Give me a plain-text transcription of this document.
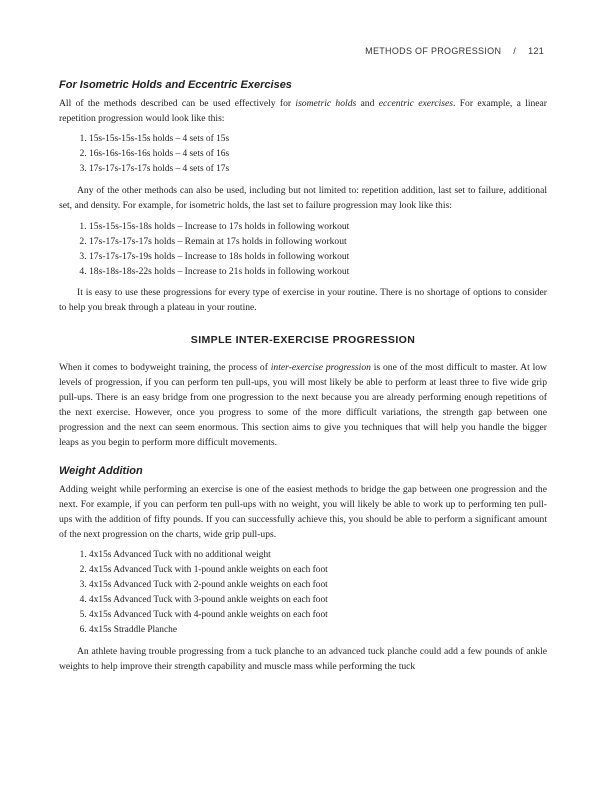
METHODS OF PROGRESSION / 121
For Isometric Holds and Eccentric Exercises

All of the methods described can be used effectively for isometric holds and eccentric exercises. For example, a linear repetition progression would look like this:

1. 15s-15s-15s-15s holds – 4 sets of 15s
2. 16s-16s-16s-16s holds – 4 sets of 16s
3. 17s-17s-17s-17s holds – 4 sets of 17s

Any of the other methods can also be used, including but not limited to: repetition addition, last set to failure, additional set, and density. For example, for isometric holds, the last set to failure progression may look like this:

1. 15s-15s-15s-18s holds – Increase to 17s holds in following workout
2. 17s-17s-17s-17s holds – Remain at 17s holds in following workout
3. 17s-17s-17s-19s holds – Increase to 18s holds in following workout
4. 18s-18s-18s-22s holds – Increase to 21s holds in following workout

It is easy to use these progressions for every type of exercise in your routine. There is no shortage of options to consider to help you break through a plateau in your routine.

SIMPLE INTER-EXERCISE PROGRESSION

When it comes to bodyweight training, the process of inter-exercise progression is one of the most difficult to master. At low levels of progression, if you can perform ten pull-ups, you will most likely be able to perform at least three to five wide grip pull-ups. There is an easy bridge from one progression to the next because you are already performing enough repetitions of the next exercise. However, once you progress to some of the more difficult variations, the strength gap between one progression and the next can seem enormous. This section aims to give you techniques that will help you handle the bigger leaps as you begin to perform more difficult movements.

Weight Addition

Adding weight while performing an exercise is one of the easiest methods to bridge the gap between one progression and the next. For example, if you can perform ten pull-ups with no weight, you will likely be able to work up to performing ten pull-ups with the addition of fifty pounds. If you can successfully achieve this, you should be able to perform a significant amount of the next progression on the charts, wide grip pull-ups.

1. 4x15s Advanced Tuck with no additional weight
2. 4x15s Advanced Tuck with 1-pound ankle weights on each foot
3. 4x15s Advanced Tuck with 2-pound ankle weights on each foot
4. 4x15s Advanced Tuck with 3-pound ankle weights on each foot
5. 4x15s Advanced Tuck with 4-pound ankle weights on each foot
6. 4x15s Straddle Planche

An athlete having trouble progressing from a tuck planche to an advanced tuck planche could add a few pounds of ankle weights to help improve their strength capability and muscle mass while performing the tuck
